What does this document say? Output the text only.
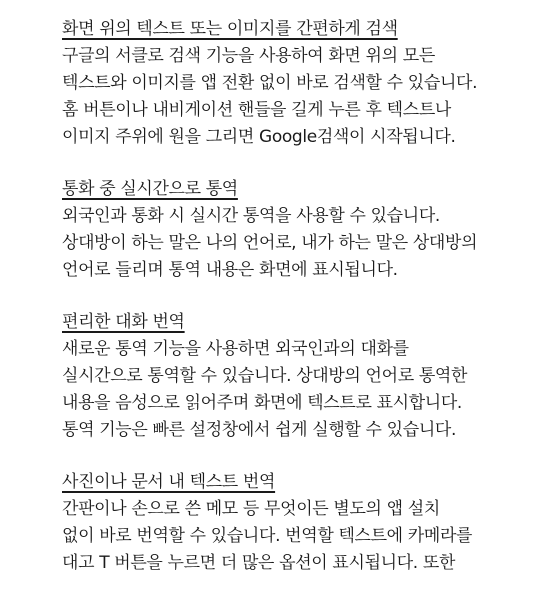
화면 위의 텍스트 또는 이미지를 간편하게 검색
구글의 서클로 검색 기능을 사용하여 화면 위의 모든
텍스트와 이미지를 앱 전환 없이 바로 검색할 수 있습니다.
홈 버튼이나 내비게이션 핸들을 길게 누른 후 텍스트나
이미지 주위에 원을 그리면 Google검색이 시작됩니다.
통화 중 실시간으로 통역
외국인과 통화 시 실시간 통역을 사용할 수 있습니다.
상대방이 하는 말은 나의 언어로, 내가 하는 말은 상대방의
언어로 들리며 통역 내용은 화면에 표시됩니다.
편리한 대화 번역
새로운 통역 기능을 사용하면 외국인과의 대화를
실시간으로 통역할 수 있습니다. 상대방의 언어로 통역한
내용을 음성으로 읽어주며 화면에 텍스트로 표시합니다.
통역 기능은 빠른 설정창에서 쉽게 실행할 수 있습니다.
사진이나 문서 내 텍스트 번역
간판이나 손으로 쓴 메모 등 무엇이든 별도의 앱 설치
없이 바로 번역할 수 있습니다. 번역할 텍스트에 카메라를
대고 T 버튼을 누르면 더 많은 옵션이 표시됩니다. 또한
